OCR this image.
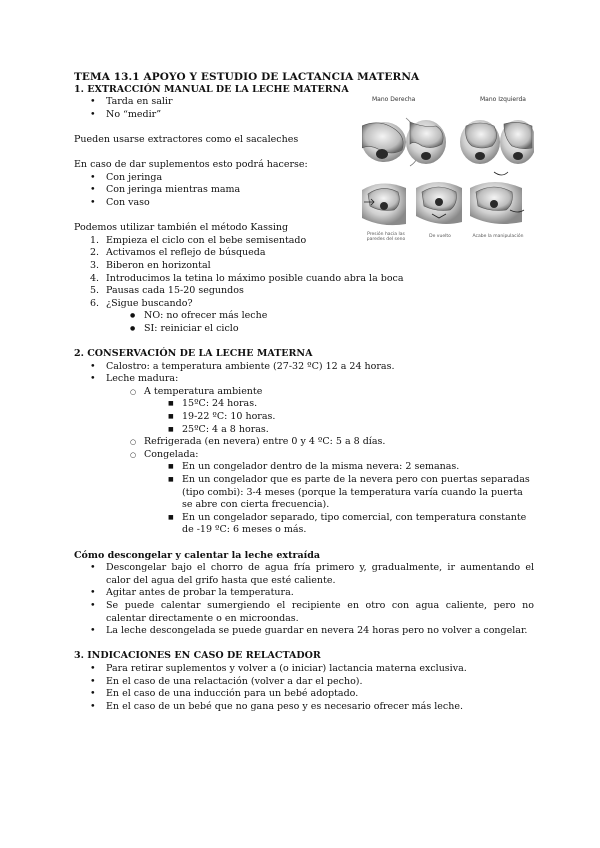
Mano Derecha	Mano Izquierda
Presión hacia las paredes del seno
De vuelto	Acabe la manipulación
TEMA 13.1 APOYO Y ESTUDIO DE LACTANCIA MATERNA
1. EXTRACCIÓN MANUAL DE LA LECHE MATERNA
• Tarda en salir
• No “medir”

Pueden usarse extractores como el sacaleches

En caso de dar suplementos esto podrá hacerse:

• Con jeringa
• Con jeringa mientras mama
• Con vaso

Podemos utilizar también el método Kassing

1. Empieza el ciclo con el bebe semisentado
2. Activamos el reflejo de búsqueda
3. Biberon en horizontal
4. Introducimos la tetina lo máximo posible cuando abra la boca
5. Pausas cada 15-20 segundos
6. ¿Sigue buscando?
● NO: no ofrecer más leche
● SI: reiniciar el ciclo
2. CONSERVACIÓN DE LA LECHE MATERNA
• Calostro: a temperatura ambiente (27-32 ºC) 12 a 24 horas.
• Leche madura:
○ A temperatura ambiente
■ 15ºC: 24 horas.
■ 19-22 ºC: 10 horas.
■ 25ºC: 4 a 8 horas.
○ Refrigerada (en nevera) entre 0 y 4 ºC: 5 a 8 días.
○ Congelada:
■ En un congelador dentro de la misma nevera: 2 semanas.
■ En un congelador que es parte de la nevera pero con puertas separadas (tipo combi): 3-4 meses (porque la temperatura varía cuando la puerta se abre con cierta frecuencia).
■ En un congelador separado, tipo comercial, con temperatura constante de -19 ºC: 6 meses o más.
Cómo descongelar y calentar la leche extraída
• Descongelar bajo el chorro de agua fría primero y, gradualmente, ir aumentando el calor del agua del grifo hasta que esté caliente.
• Agitar antes de probar la temperatura.
• Se puede calentar sumergiendo el recipiente en otro con agua caliente, pero no calentar directamente o en microondas.
• La leche descongelada se puede guardar en nevera 24 horas pero no volver a congelar.
3. INDICACIONES EN CASO DE RELACTADOR
• Para retirar suplementos y volver a (o iniciar) lactancia materna exclusiva.
• En el caso de una relactación (volver a dar el pecho).
• En el caso de una inducción para un bebé adoptado.
• En el caso de un bebé que no gana peso y es necesario ofrecer más leche.
